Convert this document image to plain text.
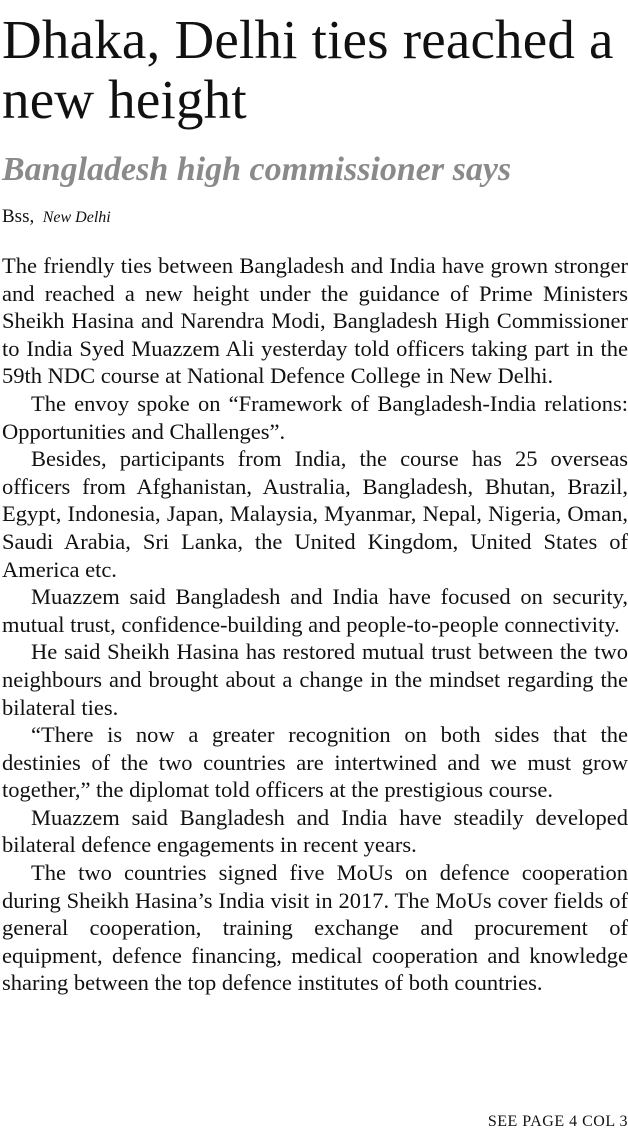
Dhaka, Delhi ties reached a new height
Bangladesh high commissioner says
Bss, New Delhi

The friendly ties between Bangladesh and India have grown stronger and reached a new height under the guidance of Prime Ministers Sheikh Hasina and Narendra Modi, Bangladesh High Commissioner to India Syed Muazzem Ali yesterday told officers taking part in the 59th NDC course at National Defence College in New Delhi.

The envoy spoke on “Framework of Bangladesh-India relations: Opportunities and Challenges”.

Besides, participants from India, the course has 25 overseas officers from Afghanistan, Australia, Bangladesh, Bhutan, Brazil, Egypt, Indonesia, Japan, Malaysia, Myanmar, Nepal, Nigeria, Oman, Saudi Arabia, Sri Lanka, the United Kingdom, United States of America etc.

Muazzem said Bangladesh and India have focused on security, mutual trust, confidence-building and people-to-people connectivity.

He said Sheikh Hasina has restored mutual trust between the two neighbours and brought about a change in the mindset regarding the bilateral ties.

“There is now a greater recognition on both sides that the destinies of the two countries are intertwined and we must grow together,” the diplomat told officers at the prestigious course.

Muazzem said Bangladesh and India have steadily developed bilateral defence engagements in recent years.

The two countries signed five MoUs on defence cooperation during Sheikh Hasina’s India visit in 2017. The MoUs cover fields of general cooperation, training exchange and procurement of equipment, defence financing, medical cooperation and knowledge sharing between the top defence institutes of both countries.

SEE PAGE 4 COL 3
